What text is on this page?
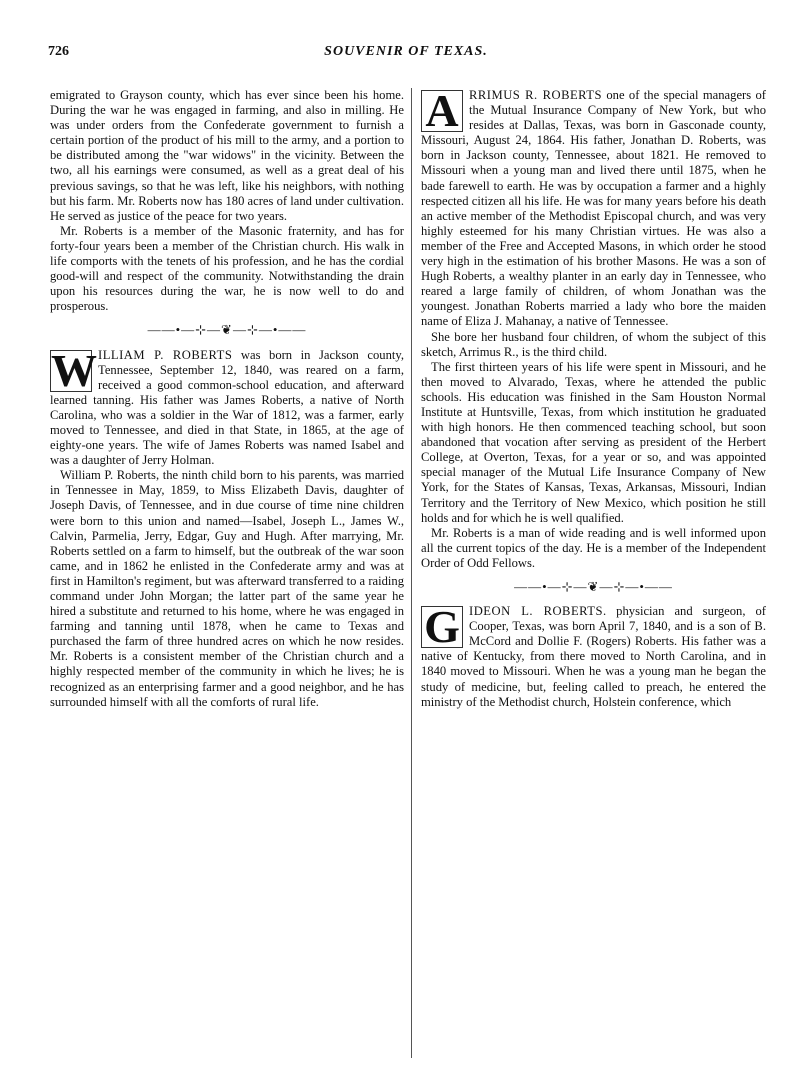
726	SOUVENIR OF TEXAS.

emigrated to Grayson county, which has ever since been his home. During the war he was engaged in farming, and also in milling. He was under orders from the Confederate government to furnish a certain portion of the product of his mill to the army, and a portion to be distributed among the "war widows" in the vicinity. Between the two, all his earnings were consumed, as well as a great deal of his previous savings, so that he was left, like his neighbors, with nothing but his farm. Mr. Roberts now has 180 acres of land under cultivation. He served as justice of the peace for two years.

Mr. Roberts is a member of the Masonic fraternity, and has for forty-four years been a member of the Christian church. His walk in life comports with the tenets of his profession, and he has the cordial good-will and respect of the community. Notwithstanding the drain upon his resources during the war, he is now well to do and prosperous.

——•—⊹—❦—⊹—•——

W ILLIAM P. ROBERTS was born in Jackson county, Tennessee, September 12, 1840, was reared on a farm, received a good common-school education, and afterward learned tanning. His father was James Roberts, a native of North Carolina, who was a soldier in the War of 1812, was a farmer, early moved to Tennessee, and died in that State, in 1865, at the age of eighty-one years. The wife of James Roberts was named Isabel and was a daughter of Jerry Holman.

William P. Roberts, the ninth child born to his parents, was married in Tennessee in May, 1859, to Miss Elizabeth Davis, daughter of Joseph Davis, of Tennessee, and in due course of time nine children were born to this union and named—Isabel, Joseph L., James W., Calvin, Parmelia, Jerry, Edgar, Guy and Hugh. After marrying, Mr. Roberts settled on a farm to himself, but the outbreak of the war soon came, and in 1862 he enlisted in the Confederate army and was at first in Hamilton's regiment, but was afterward transferred to a raiding command under John Morgan; the latter part of the same year he hired a substitute and returned to his home, where he was engaged in farming and tanning until 1878, when he came to Texas and purchased the farm of three hundred acres on which he now resides. Mr. Roberts is a consistent member of the Christian church and a highly respected member of the community in which he lives; he is recognized as an enterprising farmer and a good neighbor, and he has surrounded himself with all the comforts of rural life.

A RRIMUS R. ROBERTS one of the special managers of the Mutual Insurance Company of New York, but who resides at Dallas, Texas, was born in Gasconade county, Missouri, August 24, 1864. His father, Jonathan D. Roberts, was born in Jackson county, Tennessee, about 1821. He removed to Missouri when a young man and lived there until 1875, when he bade farewell to earth. He was by occupation a farmer and a highly respected citizen all his life. He was for many years before his death an active member of the Methodist Episcopal church, and was very highly esteemed for his many Christian virtues. He was also a member of the Free and Accepted Masons, in which order he stood very high in the estimation of his brother Masons. He was a son of Hugh Roberts, a wealthy planter in an early day in Tennessee, who reared a large family of children, of whom Jonathan was the youngest. Jonathan Roberts married a lady who bore the maiden name of Eliza J. Mahanay, a native of Tennessee.

She bore her husband four children, of whom the subject of this sketch, Arrimus R., is the third child.

The first thirteen years of his life were spent in Missouri, and he then moved to Alvarado, Texas, where he attended the public schools. His education was finished in the Sam Houston Normal Institute at Huntsville, Texas, from which institution he graduated with high honors. He then commenced teaching school, but soon abandoned that vocation after serving as president of the Herbert College, at Overton, Texas, for a year or so, and was appointed special manager of the Mutual Life Insurance Company of New York, for the States of Kansas, Texas, Arkansas, Missouri, Indian Territory and the Territory of New Mexico, which position he still holds and for which he is well qualified.

Mr. Roberts is a man of wide reading and is well informed upon all the current topics of the day. He is a member of the Independent Order of Odd Fellows.

——•—⊹—❦—⊹—•——

G IDEON L. ROBERTS. physician and surgeon, of Cooper, Texas, was born April 7, 1840, and is a son of B. McCord and Dollie F. (Rogers) Roberts. His father was a native of Kentucky, from there moved to North Carolina, and in 1840 moved to Missouri. When he was a young man he began the study of medicine, but, feeling called to preach, he entered the ministry of the Methodist church, Holstein conference, which
